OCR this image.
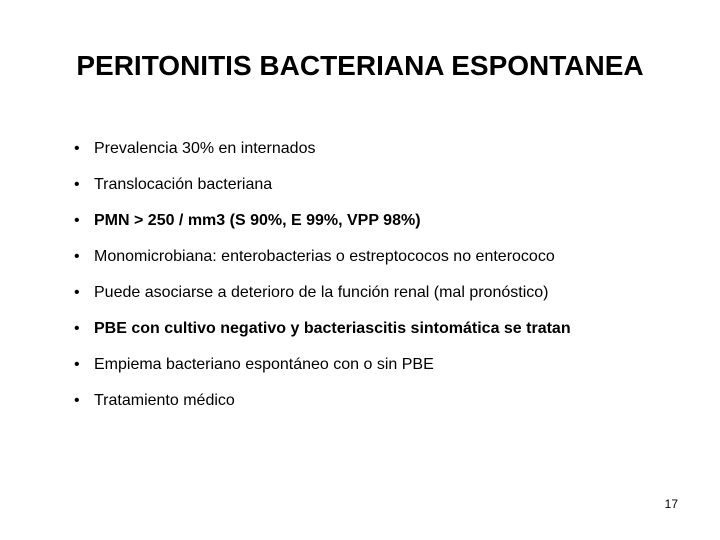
PERITONITIS BACTERIANA ESPONTANEA
• Prevalencia 30% en internados
• Translocación bacteriana
• PMN > 250 / mm3 (S 90%, E 99%, VPP 98%)
• Monomicrobiana: enterobacterias o estreptococos no enterococo
• Puede asociarse a deterioro de la función renal (mal pronóstico)
• PBE con cultivo negativo y bacteriascitis sintomática se tratan
• Empiema bacteriano espontáneo con o sin PBE
• Tratamiento médico
17
